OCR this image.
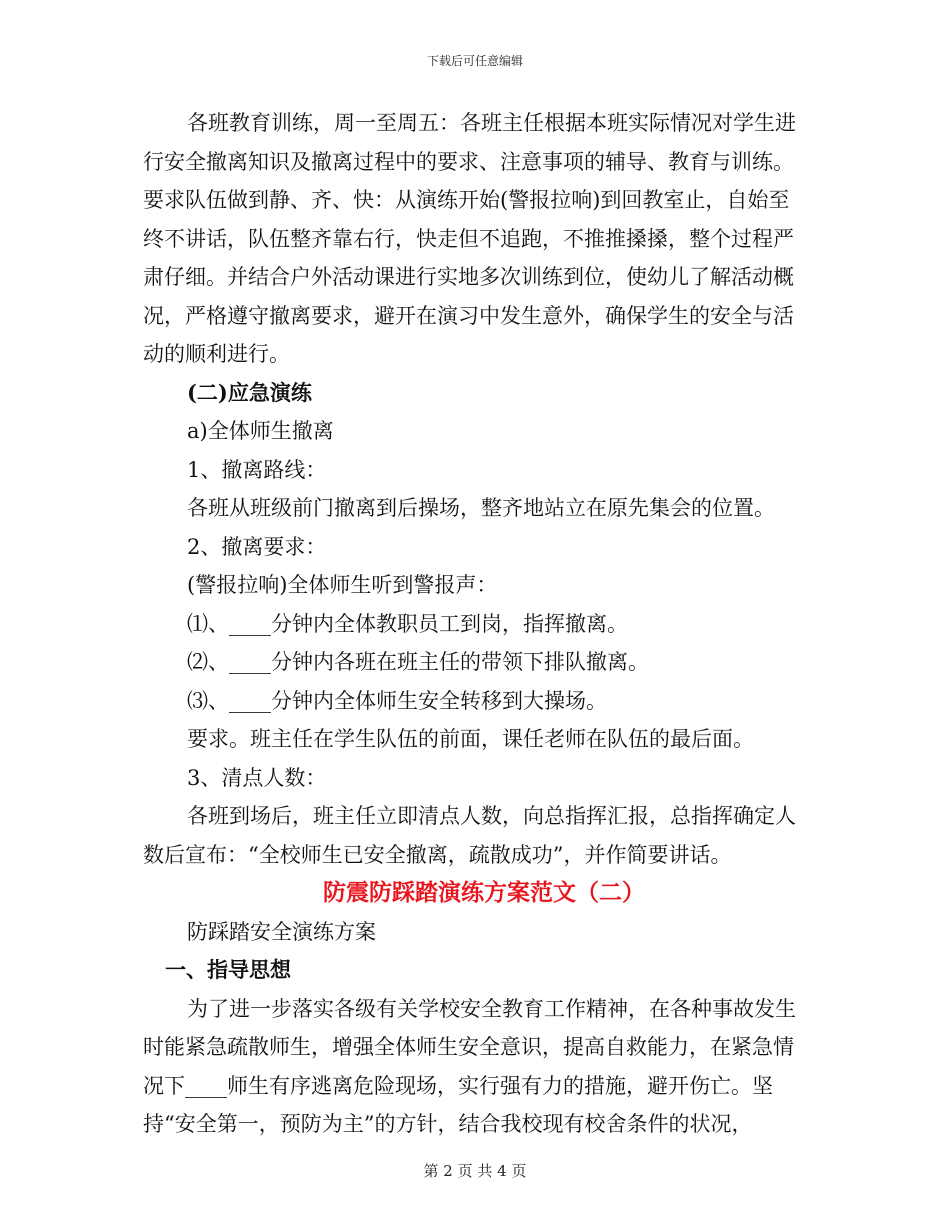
下载后可任意编辑

各班教育训练，周一至周五：各班主任根据本班实际情况对学生进行安全撤离知识及撤离过程中的要求、注意事项的辅导、教育与训练。要求队伍做到静、齐、快：从演练开始(警报拉响)到回教室止，自始至终不讲话，队伍整齐靠右行，快走但不追跑，不推推搡搡，整个过程严肃仔细。并结合户外活动课进行实地多次训练到位，使幼儿了解活动概况，严格遵守撤离要求，避开在演习中发生意外，确保学生的安全与活动的顺利进行。

(二)应急演练

a)全体师生撤离

1、撤离路线：

各班从班级前门撤离到后操场，整齐地站立在原先集会的位置。

2、撤离要求：

(警报拉响)全体师生听到警报声：

⑴、____分钟内全体教职员工到岗，指挥撤离。

⑵、____分钟内各班在班主任的带领下排队撤离。

⑶、____分钟内全体师生安全转移到大操场。

要求。班主任在学生队伍的前面，课任老师在队伍的最后面。

3、清点人数：

各班到场后，班主任立即清点人数，向总指挥汇报，总指挥确定人数后宣布：“全校师生已安全撤离，疏散成功”，并作简要讲话。

防震防踩踏演练方案范文（二）

防踩踏安全演练方案

一、指导思想

为了进一步落实各级有关学校安全教育工作精神，在各种事故发生时能紧急疏散师生，增强全体师生安全意识，提高自救能力，在紧急情况下____师生有序逃离危险现场，实行强有力的措施，避开伤亡。坚持“安全第一，预防为主”的方针，结合我校现有校舍条件的状况，

第 2 页 共 4 页
